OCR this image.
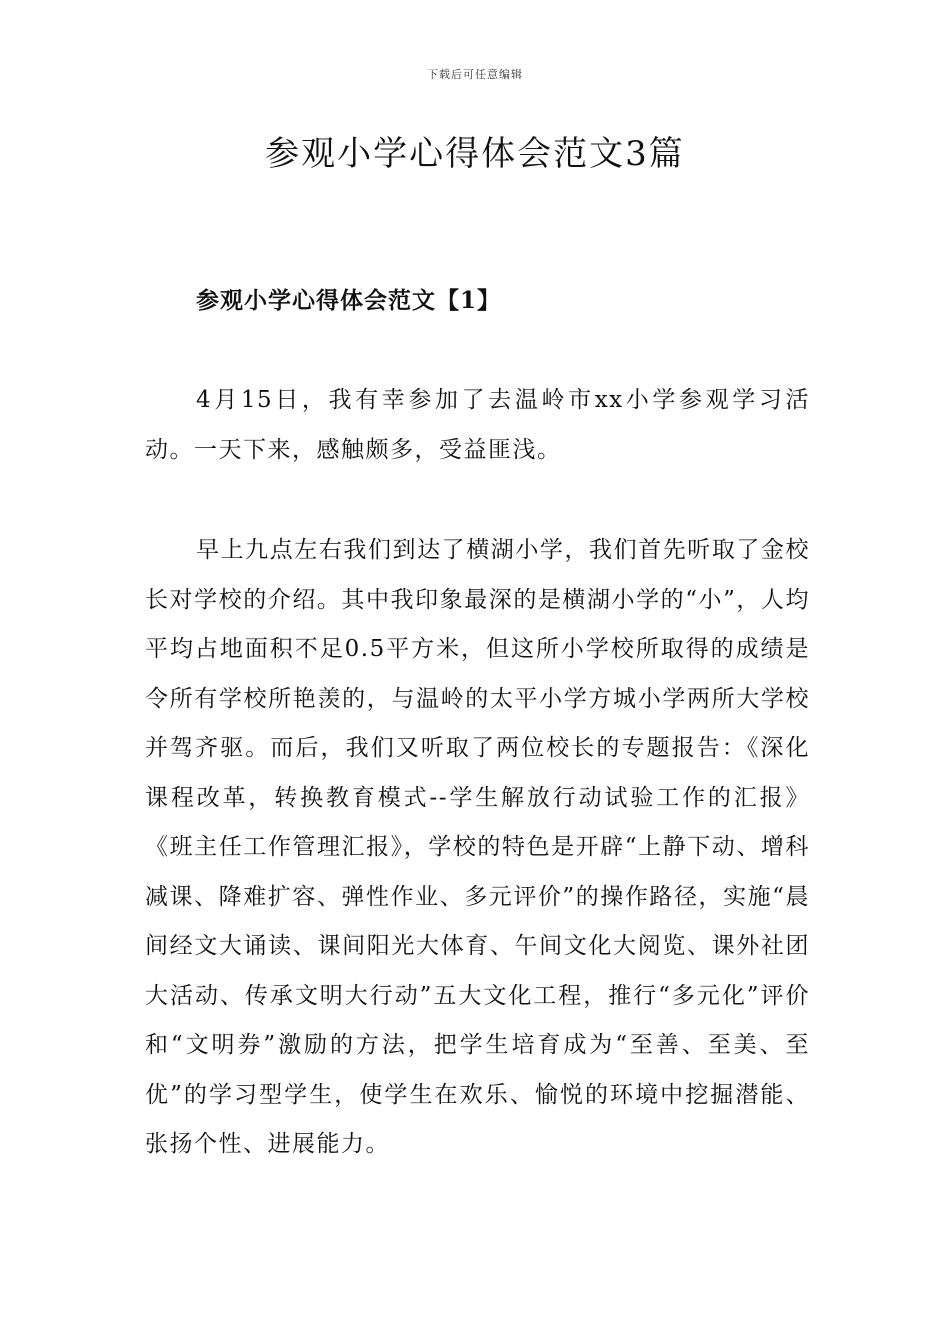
下载后可任意编辑
参观小学心得体会范文3篇
参观小学心得体会范文【1】

4月15日，我有幸参加了去温岭市xx小学参观学习活动。一天下来，感触颇多，受益匪浅。

早上九点左右我们到达了横湖小学，我们首先听取了金校长对学校的介绍。其中我印象最深的是横湖小学的“小”，人均平均占地面积不足0.5平方米，但这所小学校所取得的成绩是令所有学校所艳羡的，与温岭的太平小学方城小学两所大学校并驾齐驱。而后，我们又听取了两位校长的专题报告：《深化课程改革，转换教育模式--学生解放行动试验工作的汇报》《班主任工作管理汇报》，学校的特色是开辟“上静下动、增科减课、降难扩容、弹性作业、多元评价”的操作路径，实施“晨间经文大诵读、课间阳光大体育、午间文化大阅览、课外社团大活动、传承文明大行动”五大文化工程，推行“多元化”评价和“文明券”激励的方法，把学生培育成为“至善、至美、至优”的学习型学生，使学生在欢乐、愉悦的环境中挖掘潜能、张扬个性、进展能力。
